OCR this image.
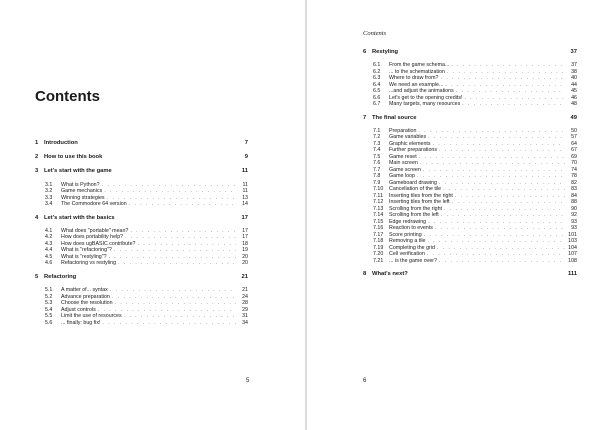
Contents
1 Introduction	7
2 How to use this book	9
3 Let's start with the game	11
3.1	What is Python? . . .	11
3.2	Game mechanics . . .	11
3.3	Winning strategies . . .	13
3.4	The Commodore 64 version . . .	14
4 Let's start with the basics	17
4.1	What does "portable" mean? . . .	17
4.2	How does portability help? . . .	17
4.3	How does ugBASIC contribute? . . .	18
4.4	What is "refactoring"? . . .	19
4.5	What is "restyling"? . . .	20
4.6	Refactoring vs restyling . . .	20
5 Refactoring	21
5.1	A matter of... syntax . . .	21
5.2	Advance preparation . . .	24
5.3	Choose the resolution . . .	28
5.4	Adjust controls . . .	29
5.5	Limit the use of resources . . .	31
5.6	... finally: bug fix! . . .	34
5
Contents
6 Restyling	37
6.1	From the game schema... . . .	37
6.2	... to the schematization . . .	38
6.3	Where to draw from? . . .	40
6.4	We need an example... . . .	44
6.5	...and adjust the animations . . .	45
6.6	Let's get to the opening credits! . . .	46
6.7	Many targets, many resources . . .	48
7 The final source	49
7.1	Preparation . . .	50
7.2	Game variables . . .	57
7.3	Graphic elements . . .	64
7.4	Further preparations . . .	67
7.5	Game reset . . .	69
7.6	Main screen . . .	70
7.7	Game screen . . .	74
7.8	Game loop . . .	78
7.9	Gameboard drawing . . .	82
7.10	Cancellation of the tile . . .	83
7.11	Inserting tiles from the right . . .	84
7.12	Inserting tiles from the left . . .	88
7.13	Scrolling from the right . . .	90
7.14	Scrolling from the left . . .	92
7.15	Edge redrawing . . .	93
7.16	Reaction to events . . .	93
7.17	Score printing . . .	101
7.18	Removing a tile . . .	103
7.19	Completing the grid . . .	104
7.20	Cell verification . . .	107
7.21	... is the game over? . . .	108
8 What's next?	111
6
